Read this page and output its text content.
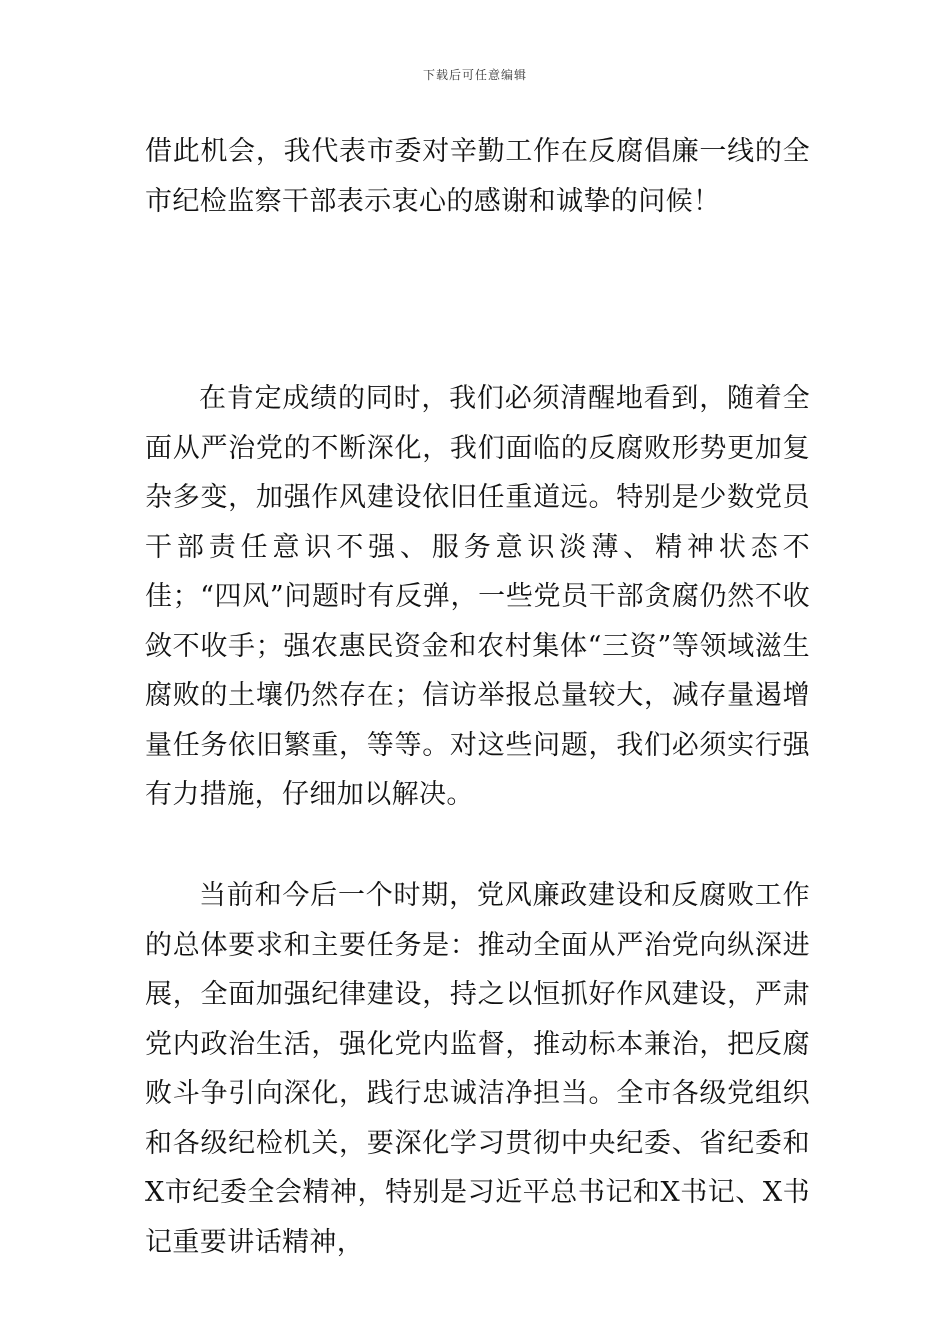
下载后可任意编辑
借此机会，我代表市委对辛勤工作在反腐倡廉一线的全市纪检监察干部表示衷心的感谢和诚挚的问候！
在肯定成绩的同时，我们必须清醒地看到，随着全面从严治党的不断深化，我们面临的反腐败形势更加复杂多变，加强作风建设依旧任重道远。特别是少数党员干部责任意识不强、服务意识淡薄、精神状态不佳；“四风”问题时有反弹，一些党员干部贪腐仍然不收敛不收手；强农惠民资金和农村集体“三资”等领域滋生腐败的土壤仍然存在；信访举报总量较大，减存量遏增量任务依旧繁重，等等。对这些问题，我们必须实行强有力措施，仔细加以解决。
当前和今后一个时期，党风廉政建设和反腐败工作的总体要求和主要任务是：推动全面从严治党向纵深进展，全面加强纪律建设，持之以恒抓好作风建设，严肃党内政治生活，强化党内监督，推动标本兼治，把反腐败斗争引向深化，践行忠诚洁净担当。全市各级党组织和各级纪检机关，要深化学习贯彻中央纪委、省纪委和X市纪委全会精神，特别是习近平总书记和X书记、X书记重要讲话精神，
